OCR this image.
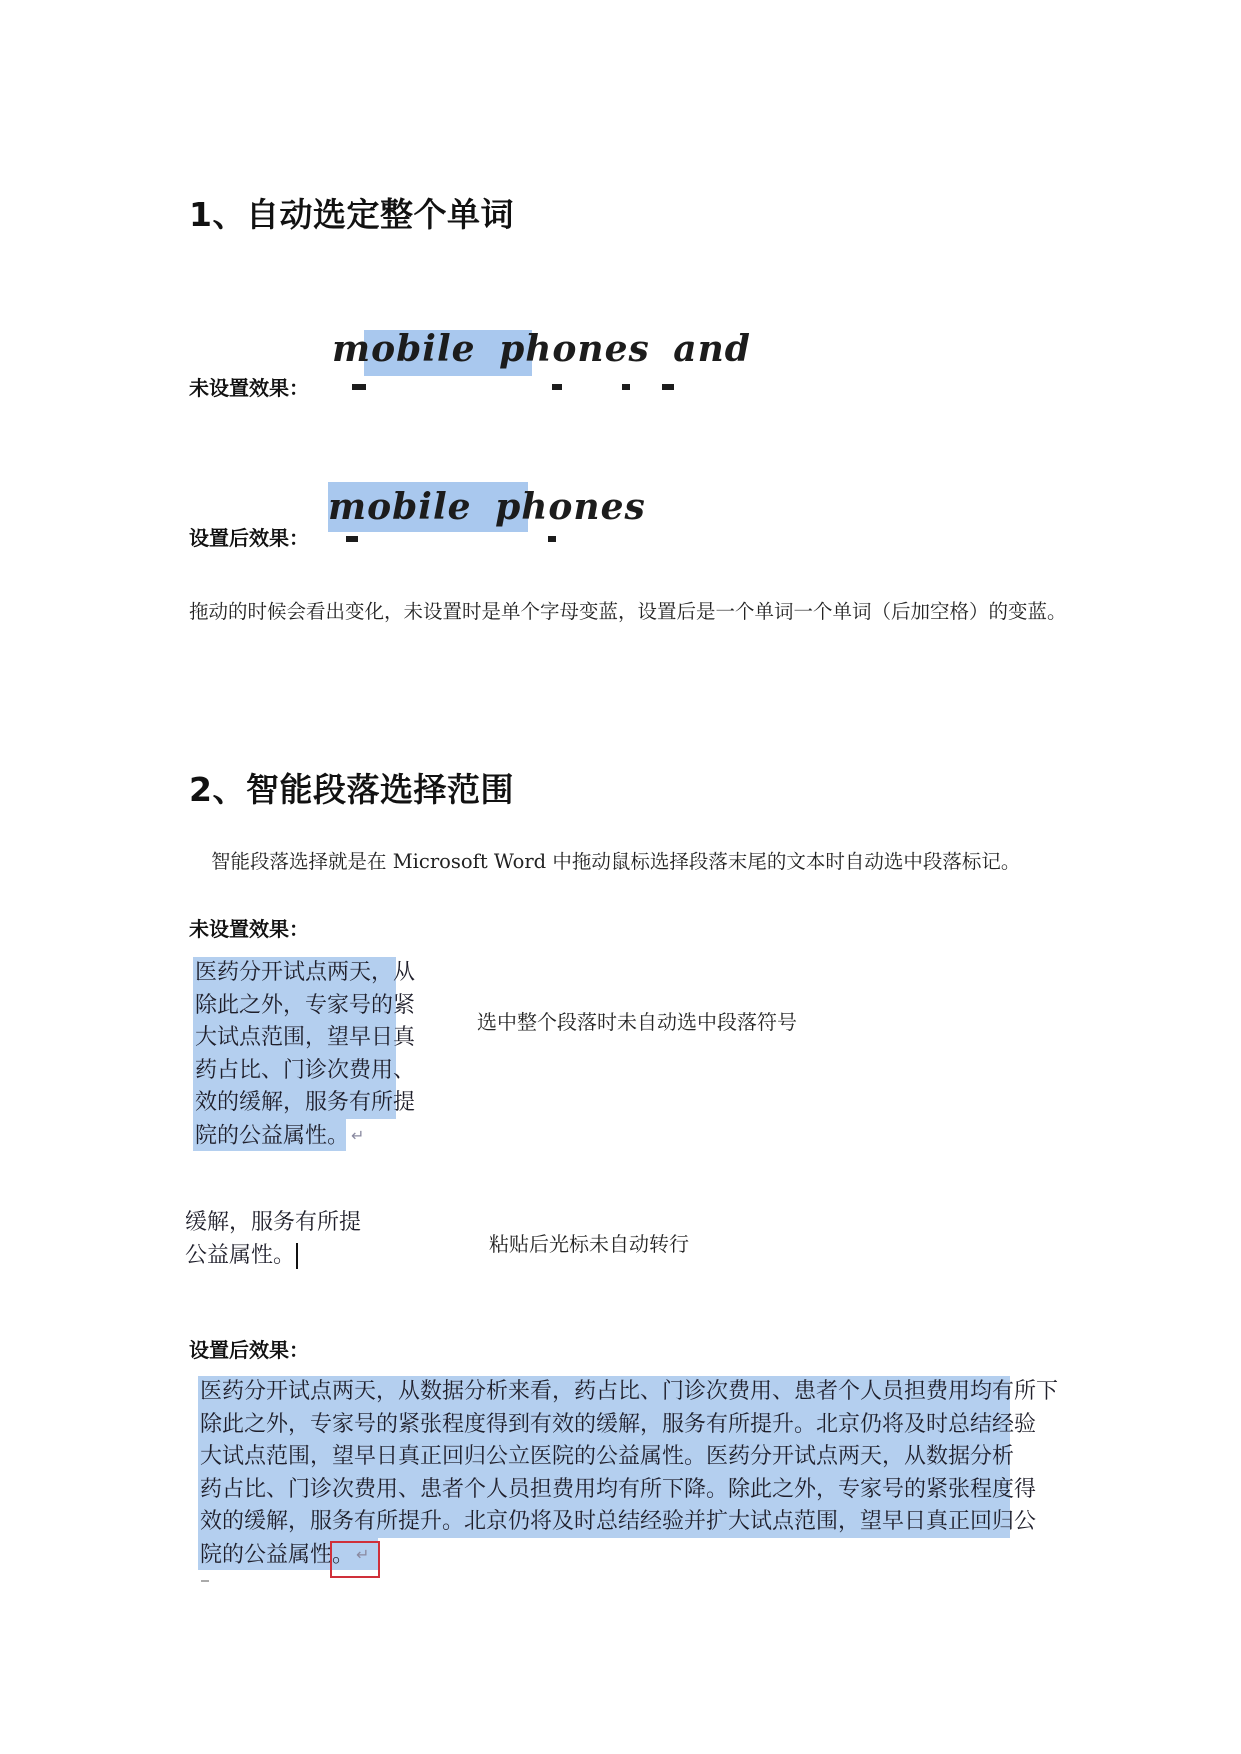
1、自动选定整个单词
未设置效果：
mobile phones and
设置后效果：
mobile phones
拖动的时候会看出变化，未设置时是单个字母变蓝，设置后是一个单词一个单词（后加空格）的变蓝。
2、智能段落选择范围
智能段落选择就是在 Microsoft Word 中拖动鼠标选择段落末尾的文本时自动选中段落标记。
未设置效果：
医药分开试点两天，从
除此之外，专家号的紧
大试点范围，望早日真
药占比、门诊次费用、
效的缓解，服务有所提
院的公益属性。 ↵
选中整个段落时未自动选中段落符号
缓解，服务有所提
公益属性。	粘贴后光标未自动转行
设置后效果：
医药分开试点两天，从数据分析来看，药占比、门诊次费用、患者个人员担费用均有所下
除此之外，专家号的紧张程度得到有效的缓解，服务有所提升。北京仍将及时总结经验
大试点范围，望早日真正回归公立医院的公益属性。医药分开试点两天，从数据分析
药占比、门诊次费用、患者个人员担费用均有所下降。除此之外，专家号的紧张程度得
效的缓解，服务有所提升。北京仍将及时总结经验并扩大试点范围，望早日真正回归公
院的公益属性。 ↵
